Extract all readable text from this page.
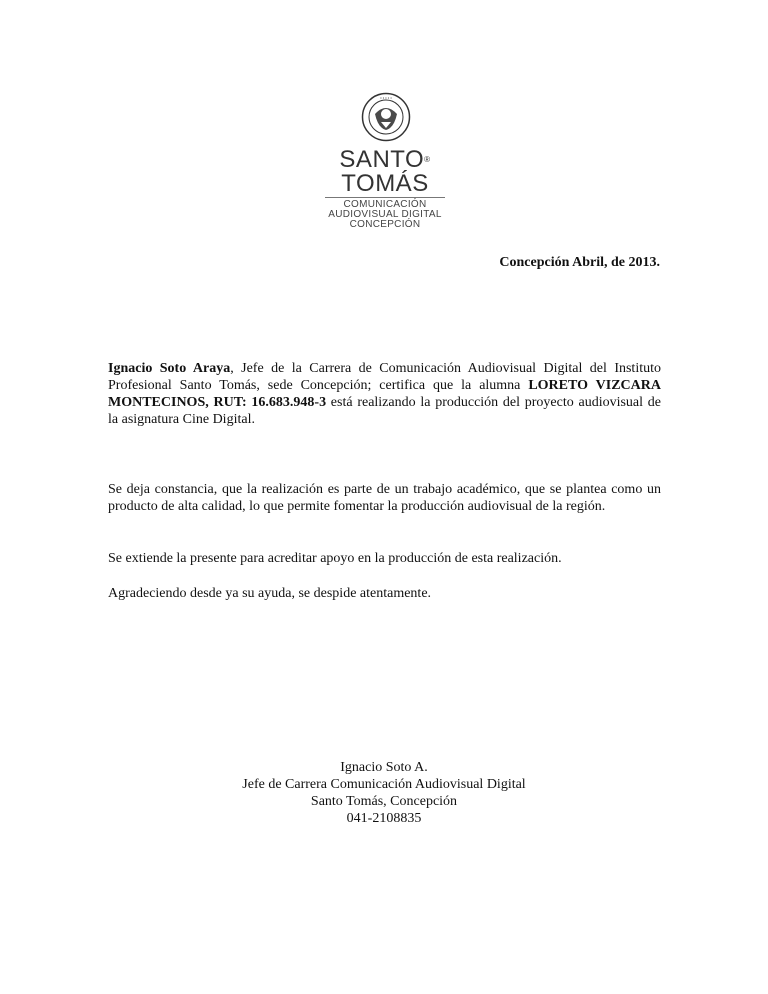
• • • • •
SANTO®
TOMÁS
COMUNICACIÓN
AUDIOVISUAL DIGITAL
CONCEPCIÓN
Concepción Abril, de 2013.
Ignacio Soto Araya, Jefe de la Carrera de Comunicación Audiovisual Digital del Instituto Profesional Santo Tomás, sede Concepción; certifica que la alumna LORETO VIZCARA MONTECINOS, RUT: 16.683.948-3 está realizando la producción del proyecto audiovisual de la asignatura Cine Digital.
Se deja constancia, que la realización es parte de un trabajo académico, que se plantea como un producto de alta calidad, lo que permite fomentar la producción audiovisual de la región.
Se extiende la presente para acreditar apoyo en la producción de esta realización.
Agradeciendo desde ya su ayuda, se despide atentamente.
Ignacio Soto A.
Jefe de Carrera Comunicación Audiovisual Digital
Santo Tomás, Concepción
041-2108835
